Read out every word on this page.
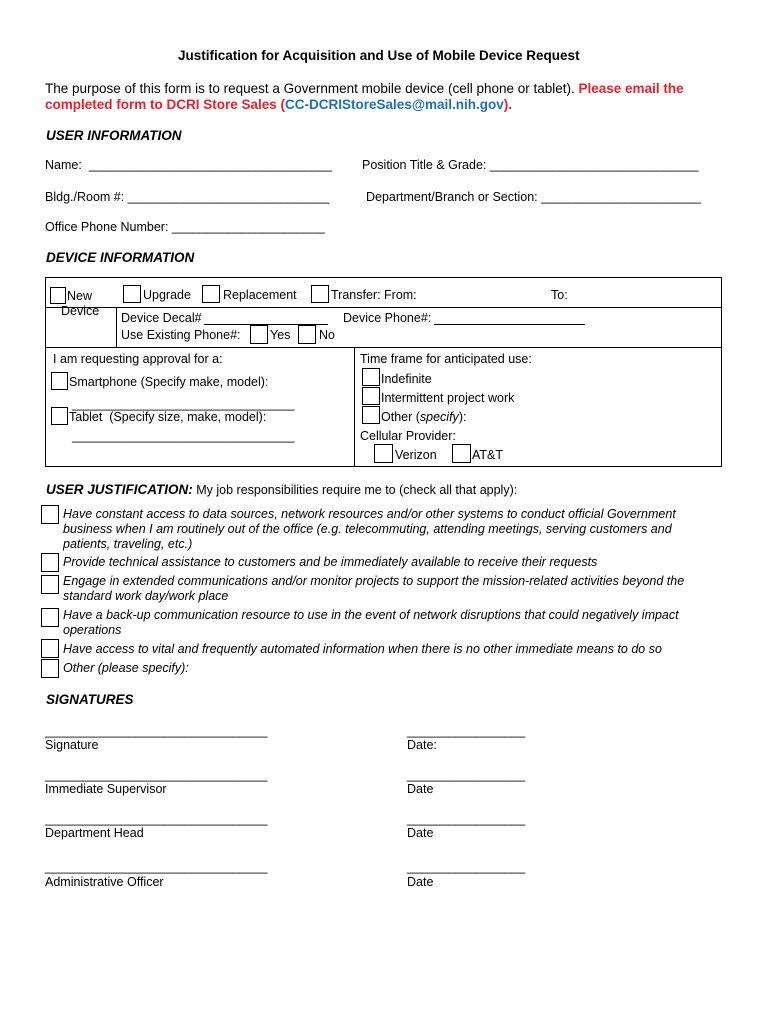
Justification for Acquisition and Use of Mobile Device Request
The purpose of this form is to request a Government mobile device (cell phone or tablet). Please email the
completed form to DCRI Store Sales (CC-DCRIStoreSales@mail.nih.gov).
USER INFORMATION
Name:  ___________________________________ Position Title & Grade: ______________________________
Bldg./Room #: _____________________________	Department/Branch or Section: _______________________
Office Phone Number: ______________________
DEVICE INFORMATION
New
Device
Upgrade	Replacement	Transfer: From:	To:
Device Decal#	Device Phone#:
Use Existing Phone#: Yes No
I am requesting approval for a:
Smartphone (Specify make, model):
________________________________
Tablet  (Specify size, make, model):
________________________________
Time frame for anticipated use:
Indefinite
Intermittent project work
Other (specify):
Cellular Provider:
Verizon	AT&T
USER JUSTIFICATION: My job responsibilities require me to (check all that apply):
Have constant access to data sources, network resources and/or other systems to conduct official Government
business when I am routinely out of the office (e.g. telecommuting, attending meetings, serving customers and
patients, traveling, etc.)
Provide technical assistance to customers and be immediately available to receive their requests
Engage in extended communications and/or monitor projects to support the mission-related activities beyond the
standard work day/work place
Have a back-up communication resource to use in the event of network disruptions that could negatively impact
operations
Have access to vital and frequently automated information when there is no other immediate means to do so
Other (please specify):
SIGNATURES
________________________________	_________________
Signature	Date:
________________________________	_________________
Immediate Supervisor	Date
________________________________	_________________
Department Head	Date
________________________________	_________________
Administrative Officer	Date
